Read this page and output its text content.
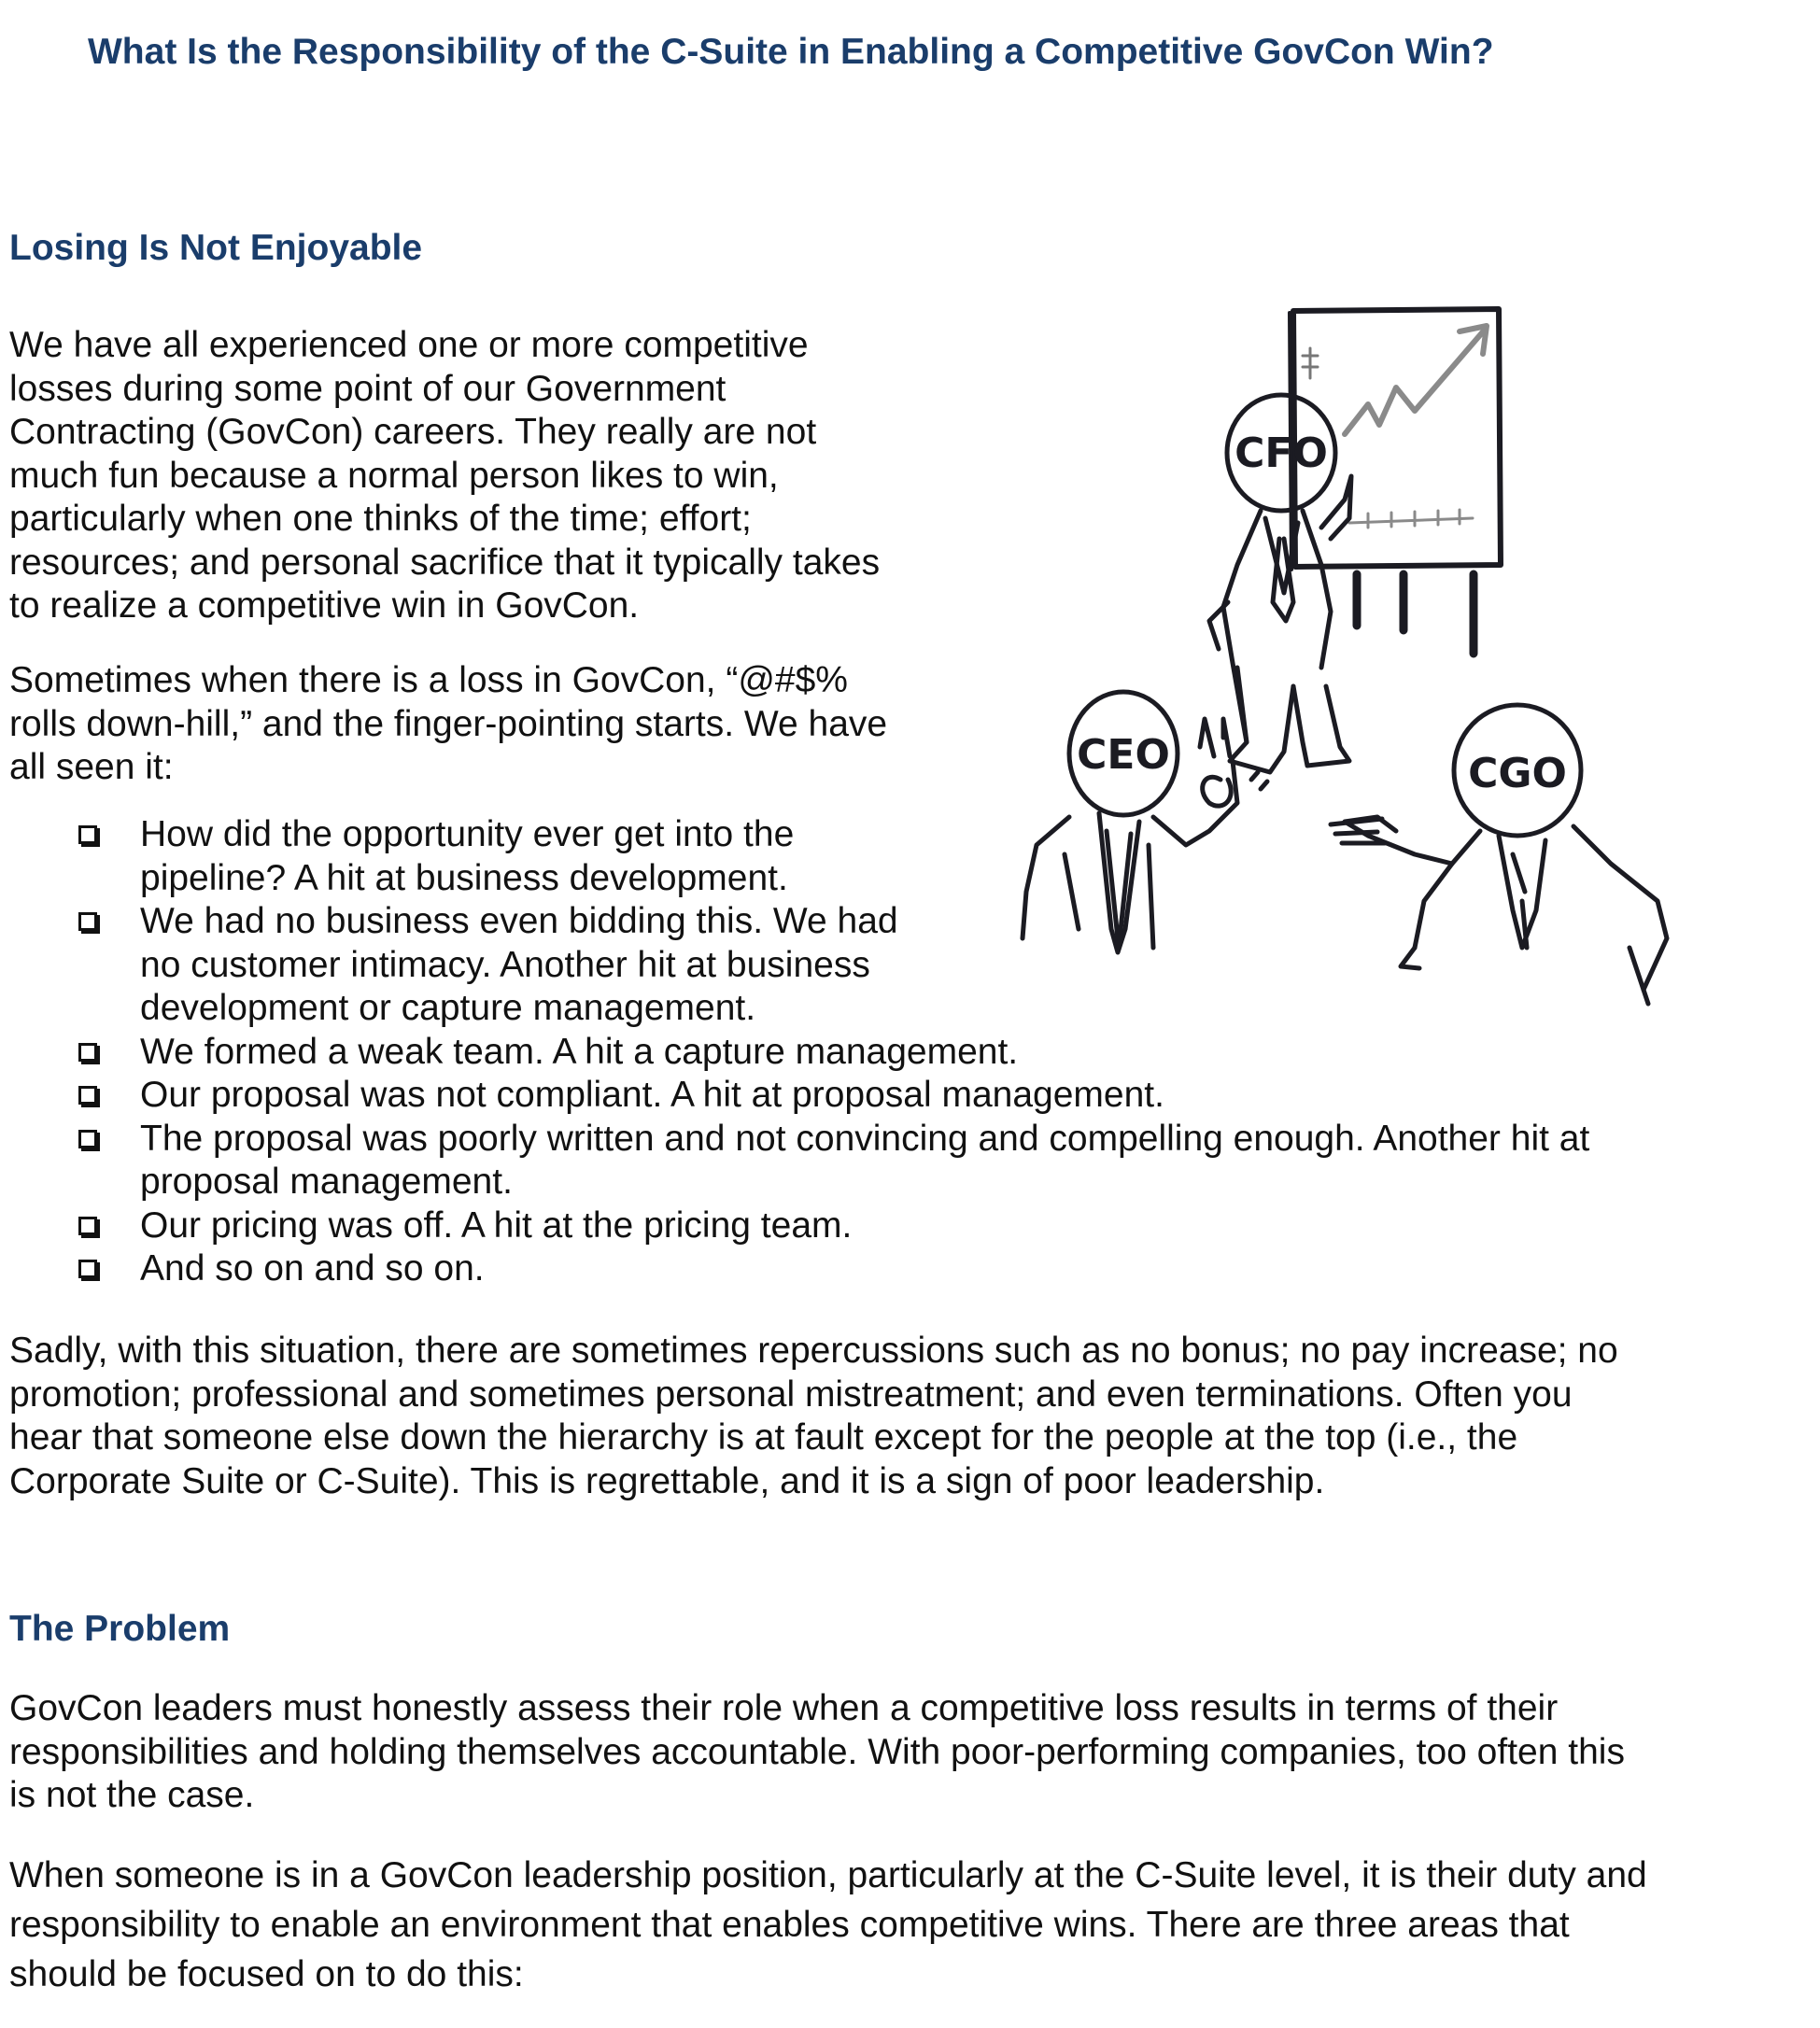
What Is the Responsibility of the C-Suite in Enabling a Competitive GovCon Win?
Losing Is Not Enjoyable

We have all experienced one or more competitive
losses during some point of our Government
Contracting (GovCon) careers. They really are not
much fun because a normal person likes to win,
particularly when one thinks of the time; effort;
resources; and personal sacrifice that it typically takes
to realize a competitive win in GovCon.

Sometimes when there is a loss in GovCon, “@#$%
rolls down-hill,” and the finger-pointing starts. We have
all seen it:

How did the opportunity ever get into the
pipeline? A hit at business development.
We had no business even bidding this. We had
no customer intimacy. Another hit at business
development or capture management.
We formed a weak team. A hit a capture management.
Our proposal was not compliant. A hit at proposal management.
The proposal was poorly written and not convincing and compelling enough. Another hit at
proposal management.
Our pricing was off. A hit at the pricing team.
And so on and so on.

Sadly, with this situation, there are sometimes repercussions such as no bonus; no pay increase; no
promotion; professional and sometimes personal mistreatment; and even terminations. Often you
hear that someone else down the hierarchy is at fault except for the people at the top (i.e., the
Corporate Suite or C-Suite). This is regrettable, and it is a sign of poor leadership.

The Problem

GovCon leaders must honestly assess their role when a competitive loss results in terms of their
responsibilities and holding themselves accountable. With poor-performing companies, too often this
is not the case.

When someone is in a GovCon leadership position, particularly at the C-Suite level, it is their duty and
responsibility to enable an environment that enables competitive wins. There are three areas that
should be focused on to do this:

CFO
CEO	CGO
